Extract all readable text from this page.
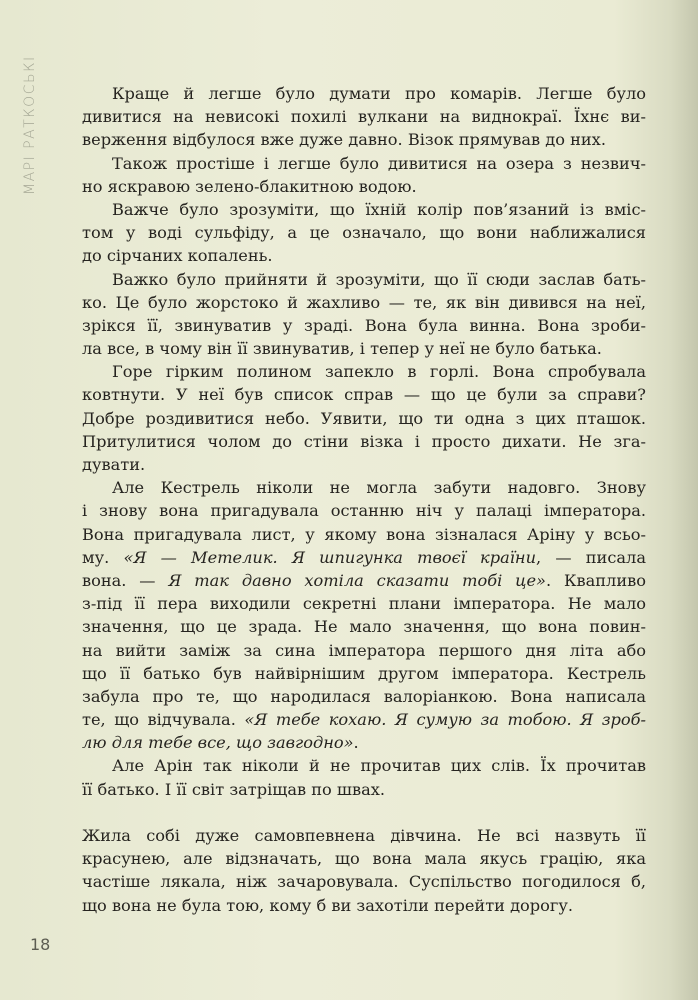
МАРІ РАТКОСЬКІ	Краще й легше було думати про комарів. Легше було
дивитися на невисокі похилі вулкани на виднокраї. Їхнє ви-
верження відбулося вже дуже давно. Візок прямував до них.
Також простіше і легше було дивитися на озера з незвич-
но яскравою зелено-блакитною водою.
Важче було зрозуміти, що їхній колір пов’язаний із вміс-
том у воді сульфіду, а це означало, що вони наближалися
до сірчаних копалень.
Важко було прийняти й зрозуміти, що її сюди заслав бать-
ко. Це було жорстоко й жахливо — те, як він дивився на неї,
зрікся її, звинуватив у зраді. Вона була винна. Вона зроби-
ла все, в чому він її звинуватив, і тепер у неї не було батька.
Горе гірким полином запекло в горлі. Вона спробувала
ковтнути. У неї був список справ — що це були за справи?
Добре роздивитися небо. Уявити, що ти одна з цих пташок.
Притулитися чолом до стіни візка і просто дихати. Не зга-
дувати.
Але Кестрель ніколи не могла забути надовго. Знову
і знову вона пригадувала останню ніч у палаці імператора.
Вона пригадувала лист, у якому вона зізналася Аріну у всьо-
му. «Я — Метелик. Я шпигунка твоєї країни, — писала
вона. — Я так давно хотіла сказати тобі це». Квапливо
з-під її пера виходили секретні плани імператора. Не мало
значення, що це зрада. Не мало значення, що вона повин-
на вийти заміж за сина імператора першого дня літа або
що її батько був найвірнішим другом імператора. Кестрель
забула про те, що народилася валоріанкою. Вона написала
те, що відчувала. «Я тебе кохаю. Я сумую за тобою. Я зроб-
лю для тебе все, що завгодно».
Але Арін так ніколи й не прочитав цих слів. Їх прочитав
її батько. І її світ затріщав по швах.
Жила собі дуже самовпевнена дівчина. Не всі назвуть її
красунею, але відзначать, що вона мала якусь грацію, яка
частіше лякала, ніж зачаровувала. Суспільство погодилося б,
що вона не була тою, кому б ви захотіли перейти дорогу.
18
